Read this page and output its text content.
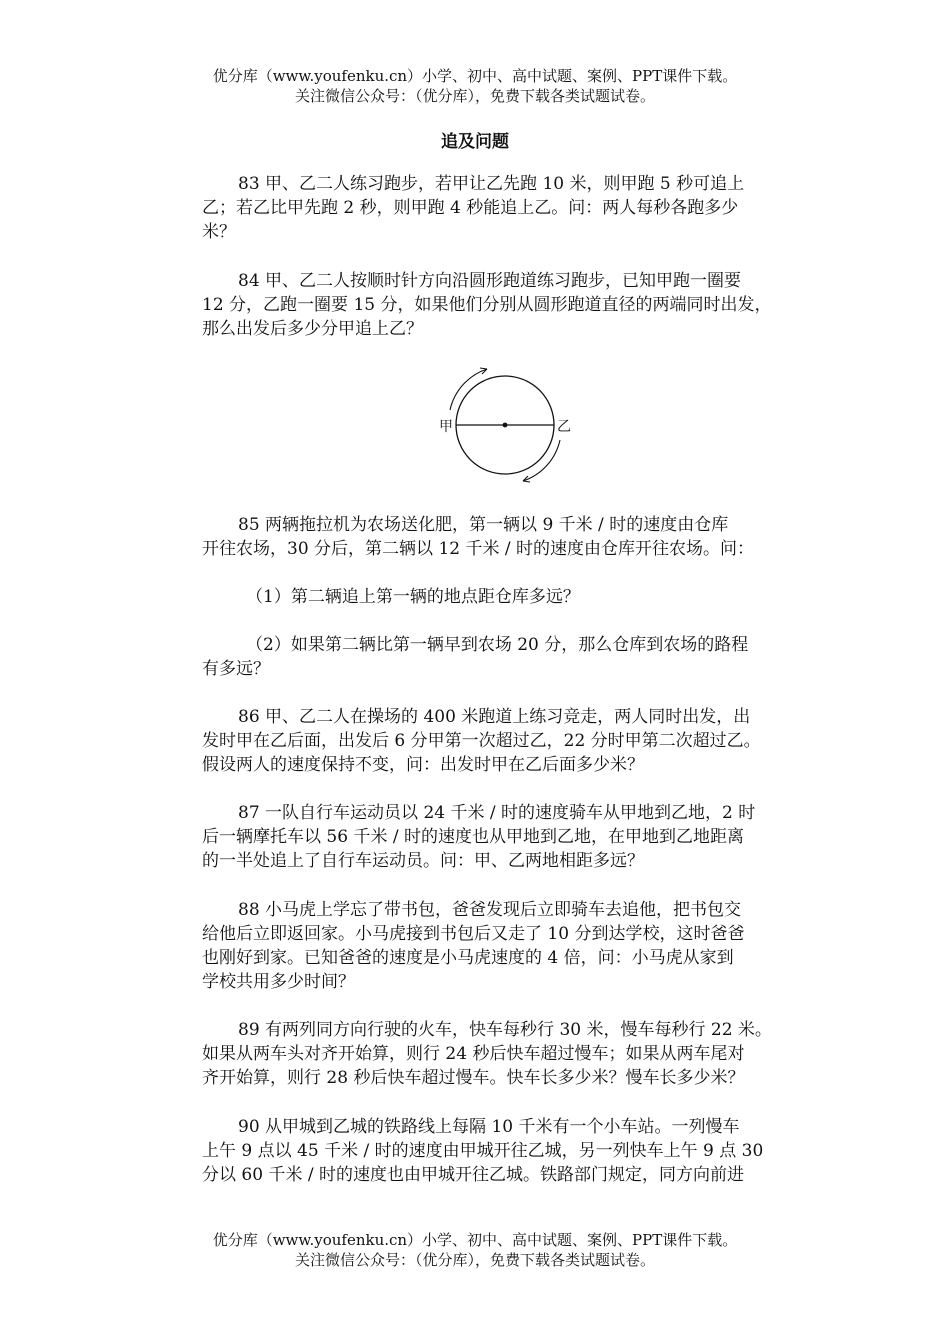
优分库（www.youfenku.cn）小学、初中、高中试题、案例、PPT课件下载。
关注微信公众号：（优分库），免费下载各类试题试卷。
追及问题
83 甲、乙二人练习跑步，若甲让乙先跑 10 米，则甲跑 5 秒可追上
乙；若乙比甲先跑 2 秒，则甲跑 4 秒能追上乙。问：两人每秒各跑多少
米？
84 甲、乙二人按顺时针方向沿圆形跑道练习跑步，已知甲跑一圈要
12 分，乙跑一圈要 15 分，如果他们分别从圆形跑道直径的两端同时出发，
那么出发后多少分甲追上乙？
甲	乙
85 两辆拖拉机为农场送化肥，第一辆以 9 千米 / 时的速度由仓库
开往农场，30 分后，第二辆以 12 千米 / 时的速度由仓库开往农场。问：
（1）第二辆追上第一辆的地点距仓库多远？
（2）如果第二辆比第一辆早到农场 20 分，那么仓库到农场的路程
有多远？
86 甲、乙二人在操场的 400 米跑道上练习竞走，两人同时出发，出
发时甲在乙后面，出发后 6 分甲第一次超过乙，22 分时甲第二次超过乙。
假设两人的速度保持不变，问：出发时甲在乙后面多少米？
87 一队自行车运动员以 24 千米 / 时的速度骑车从甲地到乙地，2 时
后一辆摩托车以 56 千米 / 时的速度也从甲地到乙地，在甲地到乙地距离
的一半处追上了自行车运动员。问：甲、乙两地相距多远？
88 小马虎上学忘了带书包，爸爸发现后立即骑车去追他，把书包交
给他后立即返回家。小马虎接到书包后又走了 10 分到达学校，这时爸爸
也刚好到家。已知爸爸的速度是小马虎速度的 4 倍，问：小马虎从家到
学校共用多少时间？
89 有两列同方向行驶的火车，快车每秒行 30 米，慢车每秒行 22 米。
如果从两车头对齐开始算，则行 24 秒后快车超过慢车；如果从两车尾对
齐开始算，则行 28 秒后快车超过慢车。快车长多少米？慢车长多少米？
90 从甲城到乙城的铁路线上每隔 10 千米有一个小车站。一列慢车
上午 9 点以 45 千米 / 时的速度由甲城开往乙城，另一列快车上午 9 点 30
分以 60 千米 / 时的速度也由甲城开往乙城。铁路部门规定，同方向前进
优分库（www.youfenku.cn）小学、初中、高中试题、案例、PPT课件下载。
关注微信公众号：（优分库），免费下载各类试题试卷。
